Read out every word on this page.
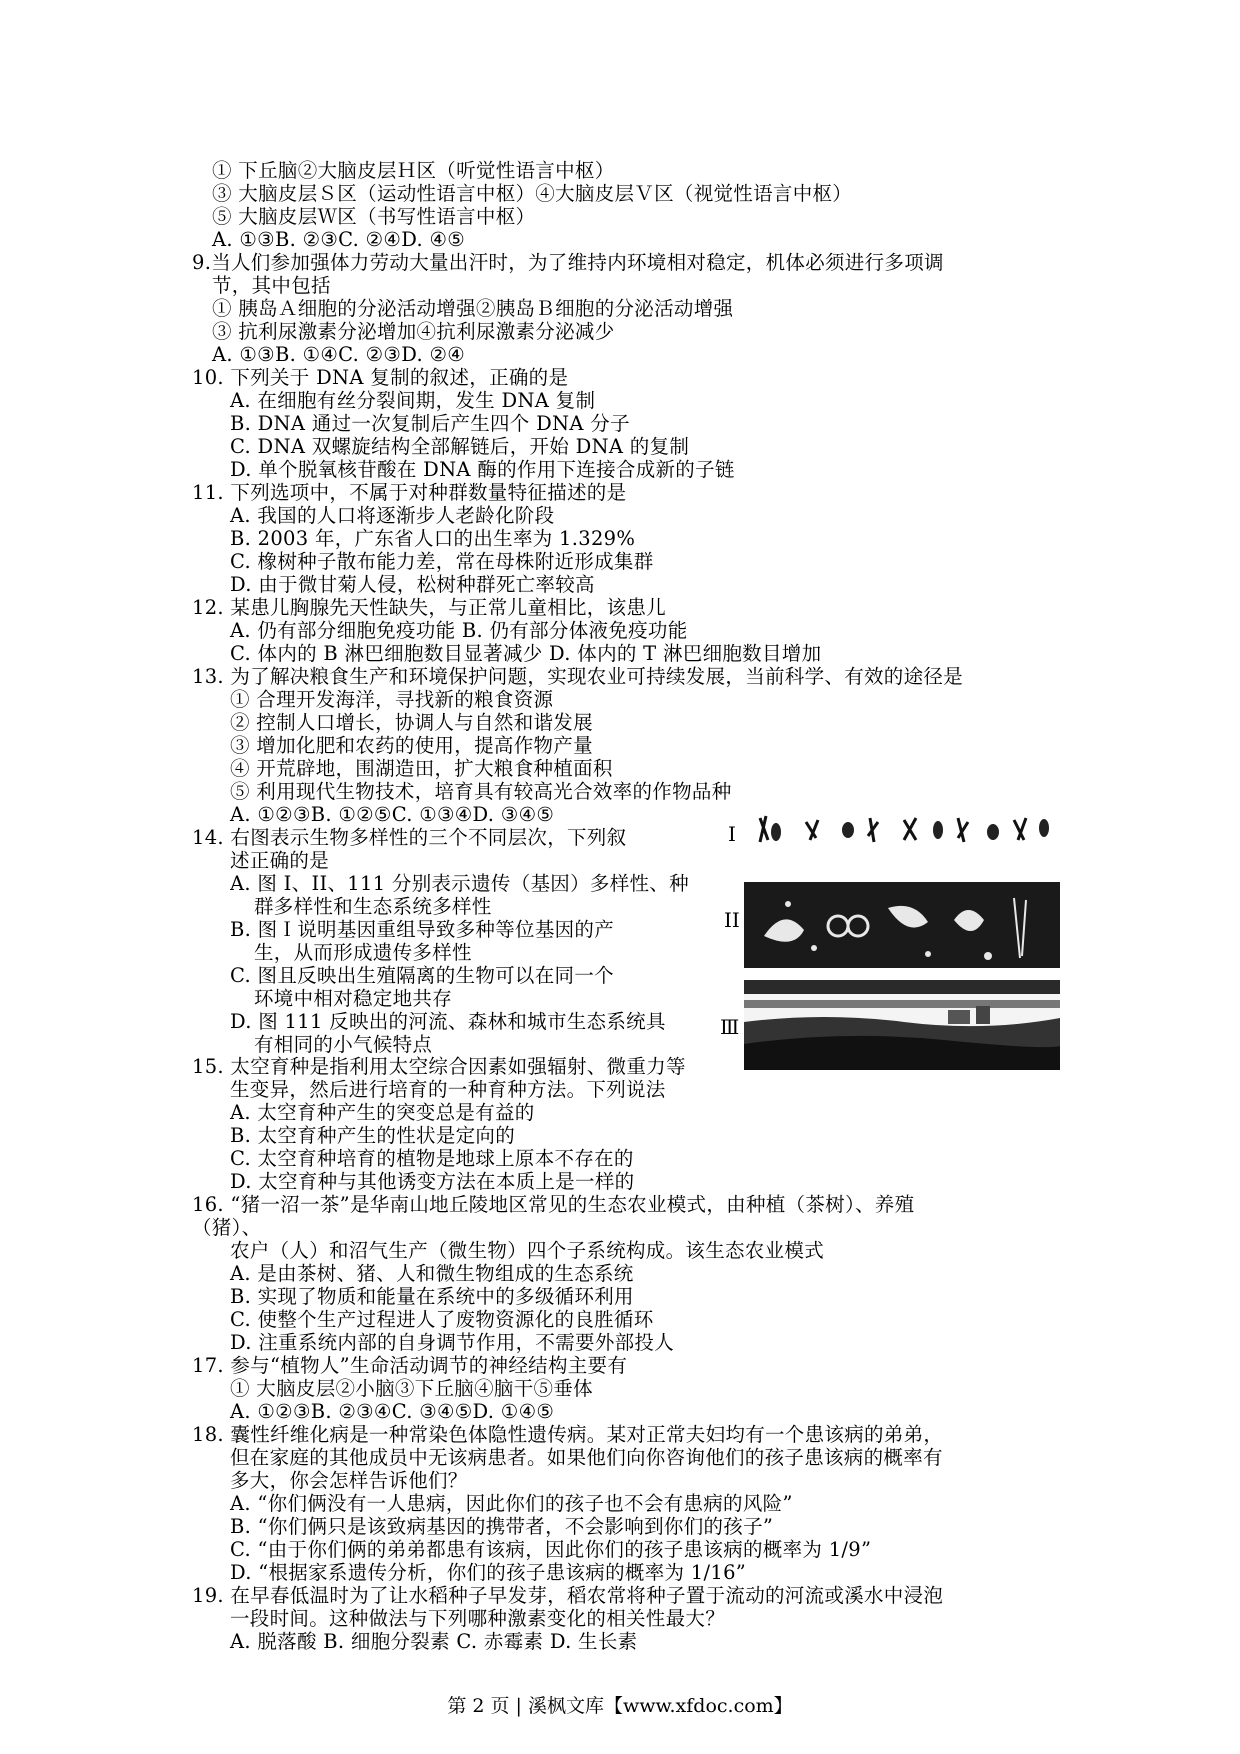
① 下丘脑②大脑皮层Ｈ区（听觉性语言中枢）
③ 大脑皮层Ｓ区（运动性语言中枢）④大脑皮层Ｖ区（视觉性语言中枢）
⑤ 大脑皮层Ｗ区（书写性语言中枢）
A. ①③B. ②③C. ②④D. ④⑤
9.当人们参加强体力劳动大量出汗时，为了维持内环境相对稳定，机体必须进行多项调
节，其中包括
① 胰岛Ａ细胞的分泌活动增强②胰岛Ｂ细胞的分泌活动增强
③ 抗利尿激素分泌增加④抗利尿激素分泌减少
A. ①③B. ①④C. ②③D. ②④
10. 下列关于 DNA 复制的叙述，正确的是
A. 在细胞有丝分裂间期，发生 DNA 复制
B. DNA 通过一次复制后产生四个 DNA 分子
C. DNA 双螺旋结构全部解链后，开始 DNA 的复制
D. 单个脱氧核苷酸在 DNA 酶的作用下连接合成新的子链
11. 下列选项中，不属于对种群数量特征描述的是
A. 我国的人口将逐渐步人老龄化阶段
B. 2003 年，广东省人口的出生率为 1.329%
C. 橡树种子散布能力差，常在母株附近形成集群
D. 由于微甘菊人侵，松树种群死亡率较高
12. 某患儿胸腺先天性缺失，与正常儿童相比，该患儿
A. 仍有部分细胞免疫功能 B. 仍有部分体液免疫功能
C. 体内的 B 淋巴细胞数目显著减少 D. 体内的 T 淋巴细胞数目增加
13. 为了解决粮食生产和环境保护问题，实现农业可持续发展，当前科学、有效的途径是
① 合理开发海洋，寻找新的粮食资源
② 控制人口增长，协调人与自然和谐发展
③ 增加化肥和农药的使用，提高作物产量
④ 开荒辟地，围湖造田，扩大粮食种植面积
⑤ 利用现代生物技术，培育具有较高光合效率的作物品种
A. ①②③B. ①②⑤C. ①③④D. ③④⑤
14. 右图表示生物多样性的三个不同层次，下列叙
述正确的是
A. 图 I、II、111 分别表示遗传（基因）多样性、种
群多样性和生态系统多样性
B. 图Ｉ说明基因重组导致多种等位基因的产
生，从而形成遗传多样性
C. 图且反映出生殖隔离的生物可以在同一个
环境中相对稳定地共存
D. 图 111 反映出的河流、森林和城市生态系统具
有相同的小气候特点
I
II
Ⅲ
15. 太空育种是指利用太空综合因素如强辐射、微重力等
生变异，然后进行培育的一种育种方法。下列说法
A. 太空育种产生的突变总是有益的
B. 太空育种产生的性状是定向的
C. 太空育种培育的植物是地球上原本不存在的
D. 太空育种与其他诱变方法在本质上是一样的
16. “猪一沼一茶”是华南山地丘陵地区常见的生态农业模式，由种植（茶树）、养殖
（猪）、
农户（人）和沼气生产（微生物）四个子系统构成。该生态农业模式
A. 是由茶树、猪、人和微生物组成的生态系统
B. 实现了物质和能量在系统中的多级循环利用
C. 使整个生产过程进人了废物资源化的良胜循环
D. 注重系统内部的自身调节作用，不需要外部投人
17. 参与“植物人”生命活动调节的神经结构主要有
① 大脑皮层②小脑③下丘脑④脑干⑤垂体
A. ①②③B. ②③④C. ③④⑤D. ①④⑤
18. 囊性纤维化病是一种常染色体隐性遗传病。某对正常夫妇均有一个患该病的弟弟，
但在家庭的其他成员中无该病患者。如果他们向你咨询他们的孩子患该病的概率有
多大，你会怎样告诉他们？
A. “你们俩没有一人患病，因此你们的孩子也不会有患病的风险”
B. “你们俩只是该致病基因的携带者，不会影响到你们的孩子”
C. “由于你们俩的弟弟都患有该病，因此你们的孩子患该病的概率为 1/9”
D. “根据家系遗传分析，你们的孩子患该病的概率为 1/16”
19. 在早春低温时为了让水稻种子早发芽，稻农常将种子置于流动的河流或溪水中浸泡
一段时间。这种做法与下列哪种激素变化的相关性最大？
A. 脱落酸 B. 细胞分裂素 C. 赤霉素 D. 生长素
第 2 页 | 溪枫文库【www.xfdoc.com】
